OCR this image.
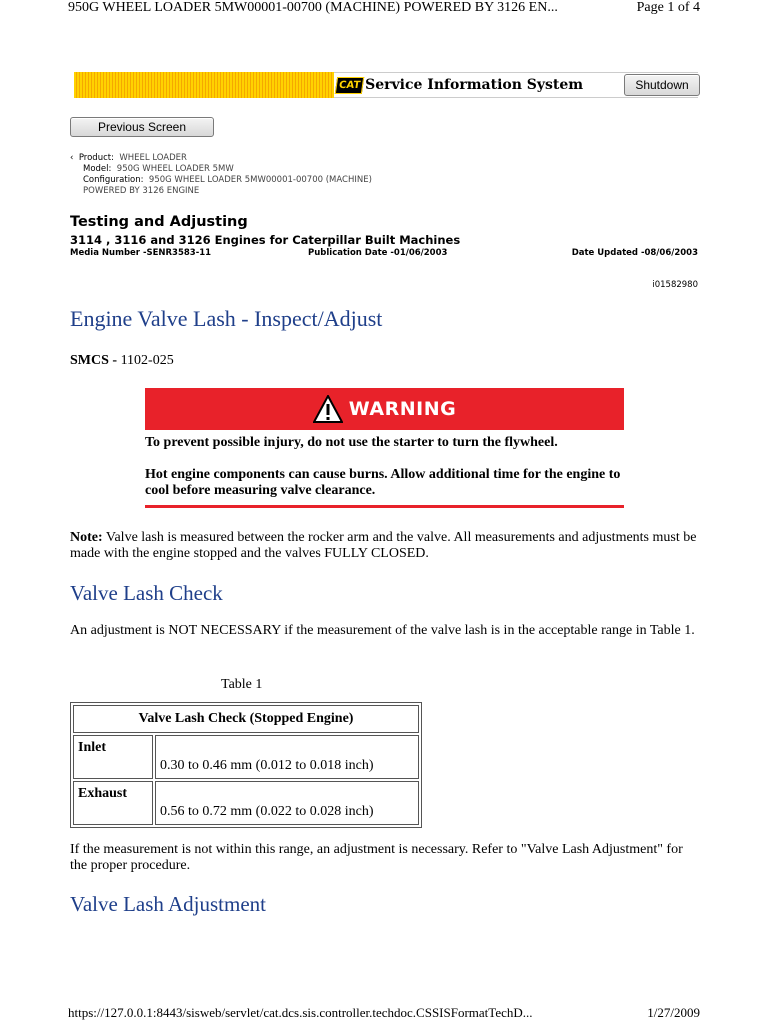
950G WHEEL LOADER 5MW00001-00700 (MACHINE) POWERED BY 3126 EN...	Page 1 of 4
CAT Service Information System	Shutdown
Previous Screen
‹ Product: WHEEL LOADER
Model: 950G WHEEL LOADER 5MW
Configuration: 950G WHEEL LOADER 5MW00001-00700 (MACHINE)
POWERED BY 3126 ENGINE
Testing and Adjusting
3114 , 3116 and 3126 Engines for Caterpillar Built Machines
Media Number -SENR3583-11	Publication Date -01/06/2003	Date Updated -08/06/2003
i01582980
Engine Valve Lash - Inspect/Adjust
SMCS - 1102-025
WARNING

To prevent possible injury, do not use the starter to turn the flywheel.

Hot engine components can cause burns. Allow additional time for the engine to cool before measuring valve clearance.

Note: Valve lash is measured between the rocker arm and the valve. All measurements and adjustments must be made with the engine stopped and the valves FULLY CLOSED.
Valve Lash Check
An adjustment is NOT NECESSARY if the measurement of the valve lash is in the acceptable range in Table 1.
Table 1
Valve Lash Check (Stopped Engine)	
Inlet	0.30 to 0.46 mm (0.012 to 0.018 inch)
Exhaust	0.56 to 0.72 mm (0.022 to 0.028 inch)
If the measurement is not within this range, an adjustment is necessary. Refer to "Valve Lash Adjustment" for the proper procedure.
Valve Lash Adjustment
https://127.0.0.1:8443/sisweb/servlet/cat.dcs.sis.controller.techdoc.CSSISFormatTechD...	1/27/2009
